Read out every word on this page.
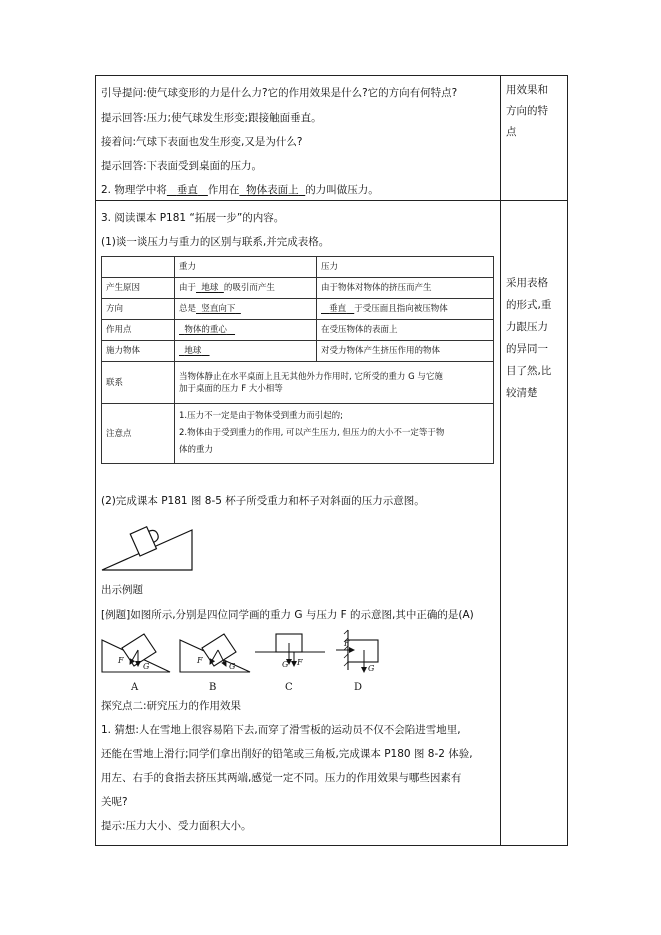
引导提问:使气球变形的力是什么力?它的作用效果是什么?它的方向有何特点?
提示回答:压力;使气球发生形变;跟接触面垂直。
接着问:气球下表面也发生形变,又是为什么?
提示回答:下表面受到桌面的压力。
2. 物理学中将 垂直 作用在 物体表面上 的力叫做压力。
用效果和
方向的特
点
3. 阅读课本 P181 “拓展一步”的内容。
(1)谈一谈压力与重力的区别与联系,并完成表格。
	重力	压力
产生原因	由于 地球 的吸引而产生	由于物体对物体的挤压而产生
方向	总是 竖直向下	垂直 于受压面且指向被压物体
作用点	物体的重心	在受压物体的表面上
施力物体	地球	对受力物体产生挤压作用的物体
联系	当物体静止在水平桌面上且无其他外力作用时, 它所受的重力 G 与它施
加于桌面的压力 F 大小相等	

注意点	1.压力不一定是由于物体受到重力而引起的;
2.物体由于受到重力的作用, 可以产生压力, 但压力的大小不一定等于物
体的重力	
采用表格
的形式,重
力跟压力
的异同一
目了然,比
较清楚
(2)完成课本 P181 图 8-5 杯子所受重力和杯子对斜面的压力示意图。
出示例题
[例题]如图所示,分别是四位同学画的重力 G 与压力 F 的示意图,其中正确的是(A)
F
G
F
G	G F
F
G
A	B	C	D
探究点二:研究压力的作用效果
1. 猜想:人在雪地上很容易陷下去,而穿了滑雪板的运动员不仅不会陷进雪地里,
还能在雪地上滑行;同学们拿出削好的铅笔或三角板,完成课本 P180 图 8-2 体验,
用左、右手的食指去挤压其两端,感觉一定不同。压力的作用效果与哪些因素有
关呢?
提示:压力大小、受力面积大小。
